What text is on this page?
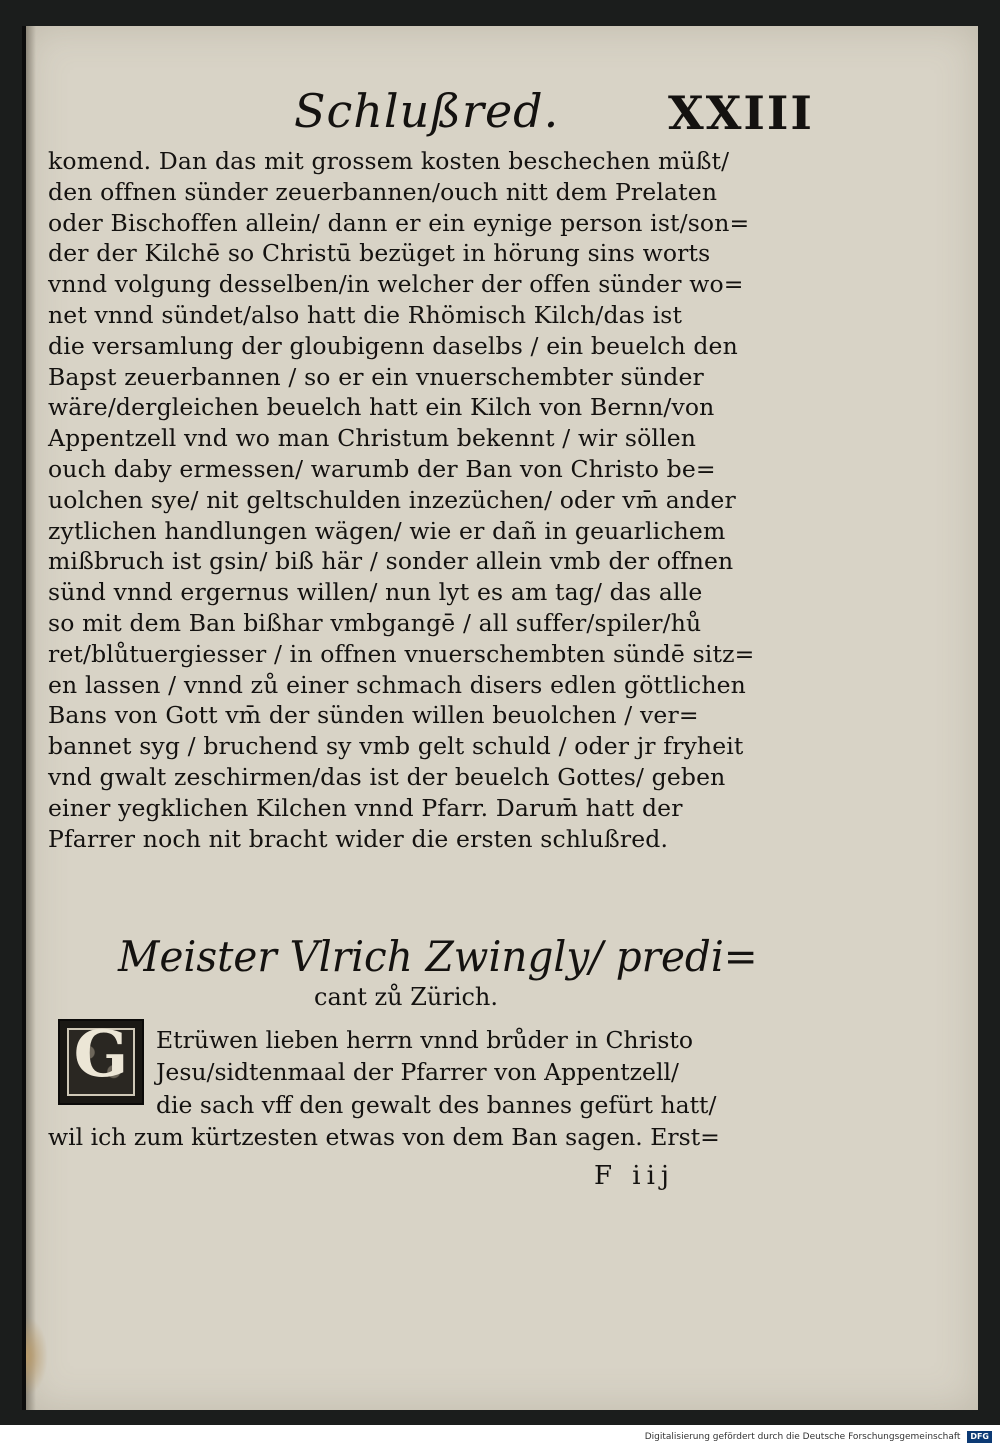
Schlußred. XXIII
komend. Dan das mit grossem kosten beschechen müßt/
den offnen sünder zeuerbannen/ouch nitt dem Prelaten
oder Bischoffen allein/ dann er ein eynige person ist/son=
der der Kilchē so Christū bezüget in hörung sins worts
vnnd volgung desselben/in welcher der offen sünder wo=
net vnnd sündet/also hatt die Rhömisch Kilch/das ist
die versamlung der gloubigenn daselbs / ein beuelch den
Bapst zeuerbannen / so er ein vnuerschembter sünder
wäre/dergleichen beuelch hatt ein Kilch von Bernn/von
Appentzell vnd wo man Christum bekennt / wir söllen
ouch daby ermessen/ warumb der Ban von Christo be=
uolchen sye/ nit geltschulden inzezüchen/ oder vm̄ ander
zytlichen handlungen wägen/ wie er dañ in geuarlichem
mißbruch ist gsin/ biß här / sonder allein vmb der offnen
sünd vnnd ergernus willen/ nun lyt es am tag/ das alle
so mit dem Ban bißhar vmbgangē / all suffer/spiler/hů
ret/blůtuergiesser / in offnen vnuerschembten sündē sitz=
en lassen / vnnd zů einer schmach disers edlen göttlichen
Bans von Gott vm̄ der sünden willen beuolchen / ver=
bannet syg / bruchend sy vmb gelt schuld / oder jr fryheit
vnd gwalt zeschirmen/das ist der beuelch Gottes/ geben
einer yegklichen Kilchen vnnd Pfarr. Darum̄ hatt der
Pfarrer noch nit bracht wider die ersten schlußred.
Meister Vlrich Zwingly/ predi=
cant zů Zürich.
G	Etrüwen lieben herrn vnnd brůder in Christo
Jesu/sidtenmaal der Pfarrer von Appentzell/
die sach vff den gewalt des bannes gefürt hatt/
wil ich zum kürtzesten etwas von dem Ban sagen. Erst=
F iij
Digitalisierung gefördert durch die Deutsche Forschungsgemeinschaft DFG
